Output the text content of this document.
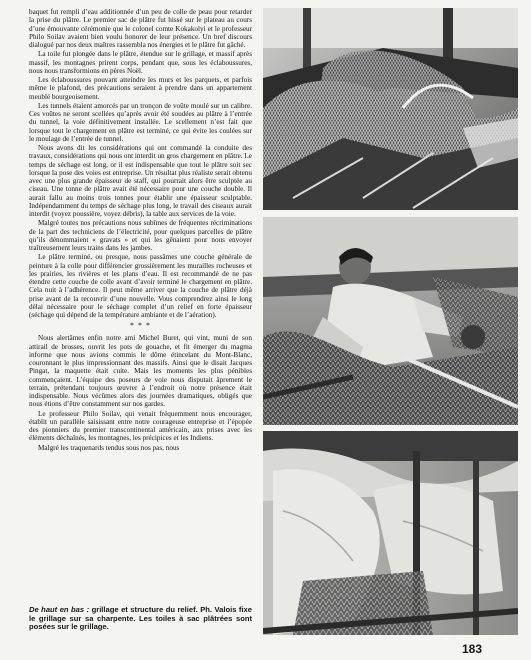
baquet fut rempli d’eau additionnée d’un peu de colle de peau pour retarder la prise du plâtre. Le premier sac de plâtre fut hissé sur le plateau au cours d’une émouvante cérémonie que le colonel comte Kokakolyi et le professeur Philo Soilav avaient bien voulu honorer de leur présence. Un bref discours dialogué par nos deux maîtres rassembla nos énergies et le plâtre fut gâché.

La toile fut plongée dans le plâtre, étendue sur le grillage, et massif après massif, les montagnes prirent corps, pendant que, sous les éclaboussures, nous nous transformions en pères Noël.

Les éclaboussures pouvant atteindre les murs et les parquets, et parfois même le plafond, des précautions seraient à prendre dans un appartement meublé bourgeoisement.

Les tunnels étaient amorcés par un tronçon de voûte moulé sur un calibre. Ces voûtes ne seront scellées qu’après avoir été soudées au plâtre à l’entrée du tunnel, la voie définitivement installée. Le scellement n’est fait que lorsque tout le chargement en plâtre est terminé, ce qui évite les coulées sur le moulage de l’entrée de tunnel.

Nous avons dit les considérations qui ont commandé la conduite des travaux, considérations qui nous ont interdit un gros chargement en plâtre. Le temps de séchage est long, or il est indispensable que tout le plâtre soit sec lorsque la pose des voies est entreprise. Un résultat plus réaliste serait obtenu avec une plus grande épaisseur de staff, qui pourrait alors être sculptée au ciseau. Une tonne de plâtre avait été nécessaire pour une couche double. Il aurait fallu au moins trois tonnes pour établir une épaisseur sculptable. Indépendamment du temps de séchage plus long, le travail des ciseaux aurait interdit (voyez poussière, voyez débris), la table aux services de la voie.

Malgré toutes nos précautions nous subîmes de fréquentes récriminations de la part des techniciens de l’électricité, pour quelques parcelles de plâtre qu’ils dénommaient « gravats » et qui les gênaient pour nous envoyer traîtreusement leurs trains dans les jambes.

Le plâtre terminé, ou presque, nous passâmes une couche générale de peinture à la colle pour différencier grossièrement les murailles rocheuses et les prairies, les rivières et les plans d’eau. Il est recommandé de ne pas étendre cette couche de colle avant d’avoir terminé le chargement en plâtre. Cela nuit à l’adhérence. Il peut même arriver que la couche de plâtre déjà prise avant de la recouvrir d’une nouvelle. Vous comprendrez ainsi le long délai nécessaire pour le séchage complet d’un relief en forte épaisseur (séchage qui dépend de la température ambiante et de l’aération).

* * *

Nous alertâmes enfin notre ami Michel Buret, qui vint, muni de son attirail de brosses, ouvrit les pots de gouache, et fit émerger du magma informe que nous avions commis le dôme étincelant du Mont-Blanc, couronnant le plus impressionnant des massifs. Ainsi que le disait Jacques Pingat, la maquette était cuite. Mais les moments les plus pénibles commençaient. L’équipe des poseurs de voie nous disputait âprement le terrain, prétendant toujours œuvrer à l’endroit où notre présence était indispensable. Nous vécûmes alors des journées dramatiques, obligés que nous étions d’être constamment sur nos gardes.

Le professeur Philo Soilav, qui venait fréquemment nous encourager, établit un parallèle saisissant entre notre courageuse entreprise et l’épopée des pionniers du premier transcontinental américain, aux prises avec les éléments déchaînés, les montagnes, les précipices et les Indiens.

Malgré les traquenards tendus sous nos pas, nous

De haut en bas : grillage et structure du relief. Ph. Valois fixe le grillage sur sa charpente. Les toiles à sac plâtrées sont posées sur le grillage.
183
